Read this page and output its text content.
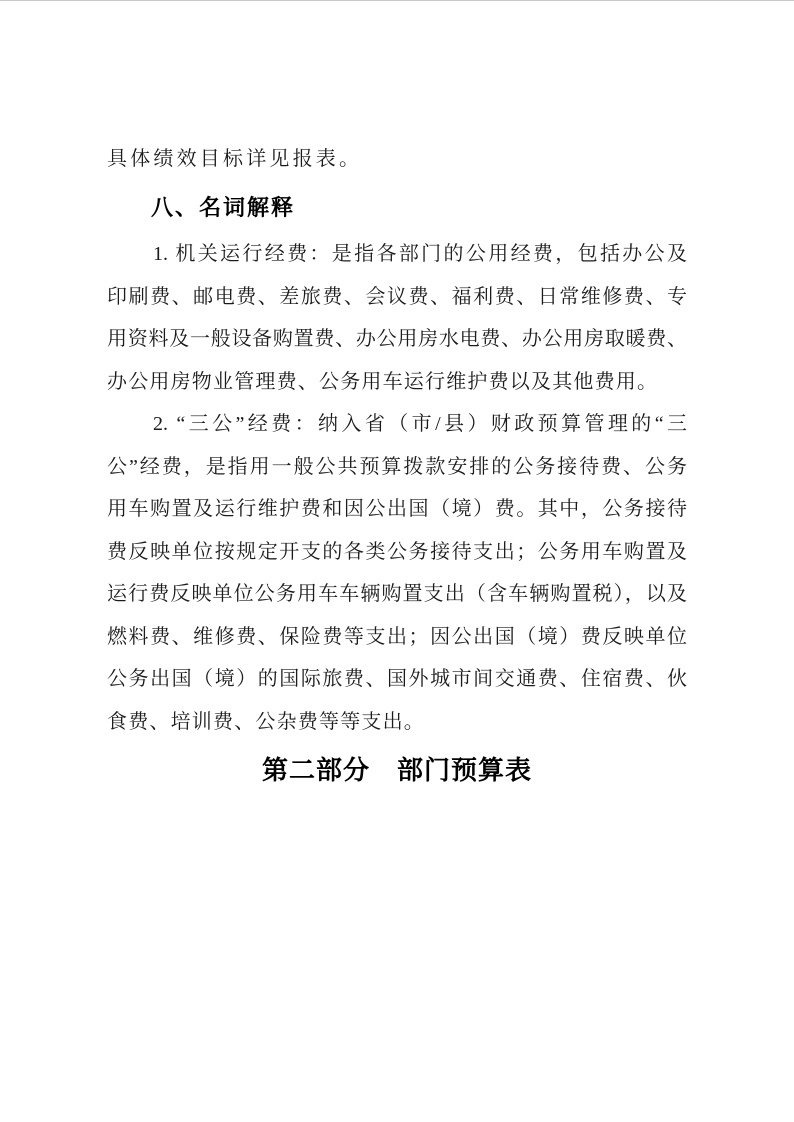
具体绩效目标详见报表。
八、名词解释
1. 机关运行经费：是指各部门的公用经费，包括办公及
印刷费、邮电费、差旅费、会议费、福利费、日常维修费、专
用资料及一般设备购置费、办公用房水电费、办公用房取暖费、
办公用房物业管理费、公务用车运行维护费以及其他费用。
2. “三公”经费：纳入省（市/县）财政预算管理的“三
公”经费，是指用一般公共预算拨款安排的公务接待费、公务
用车购置及运行维护费和因公出国（境）费。其中，公务接待
费反映单位按规定开支的各类公务接待支出；公务用车购置及
运行费反映单位公务用车车辆购置支出（含车辆购置税），以及
燃料费、维修费、保险费等支出；因公出国（境）费反映单位
公务出国（境）的国际旅费、国外城市间交通费、住宿费、伙
食费、培训费、公杂费等等支出。
第二部分　部门预算表
